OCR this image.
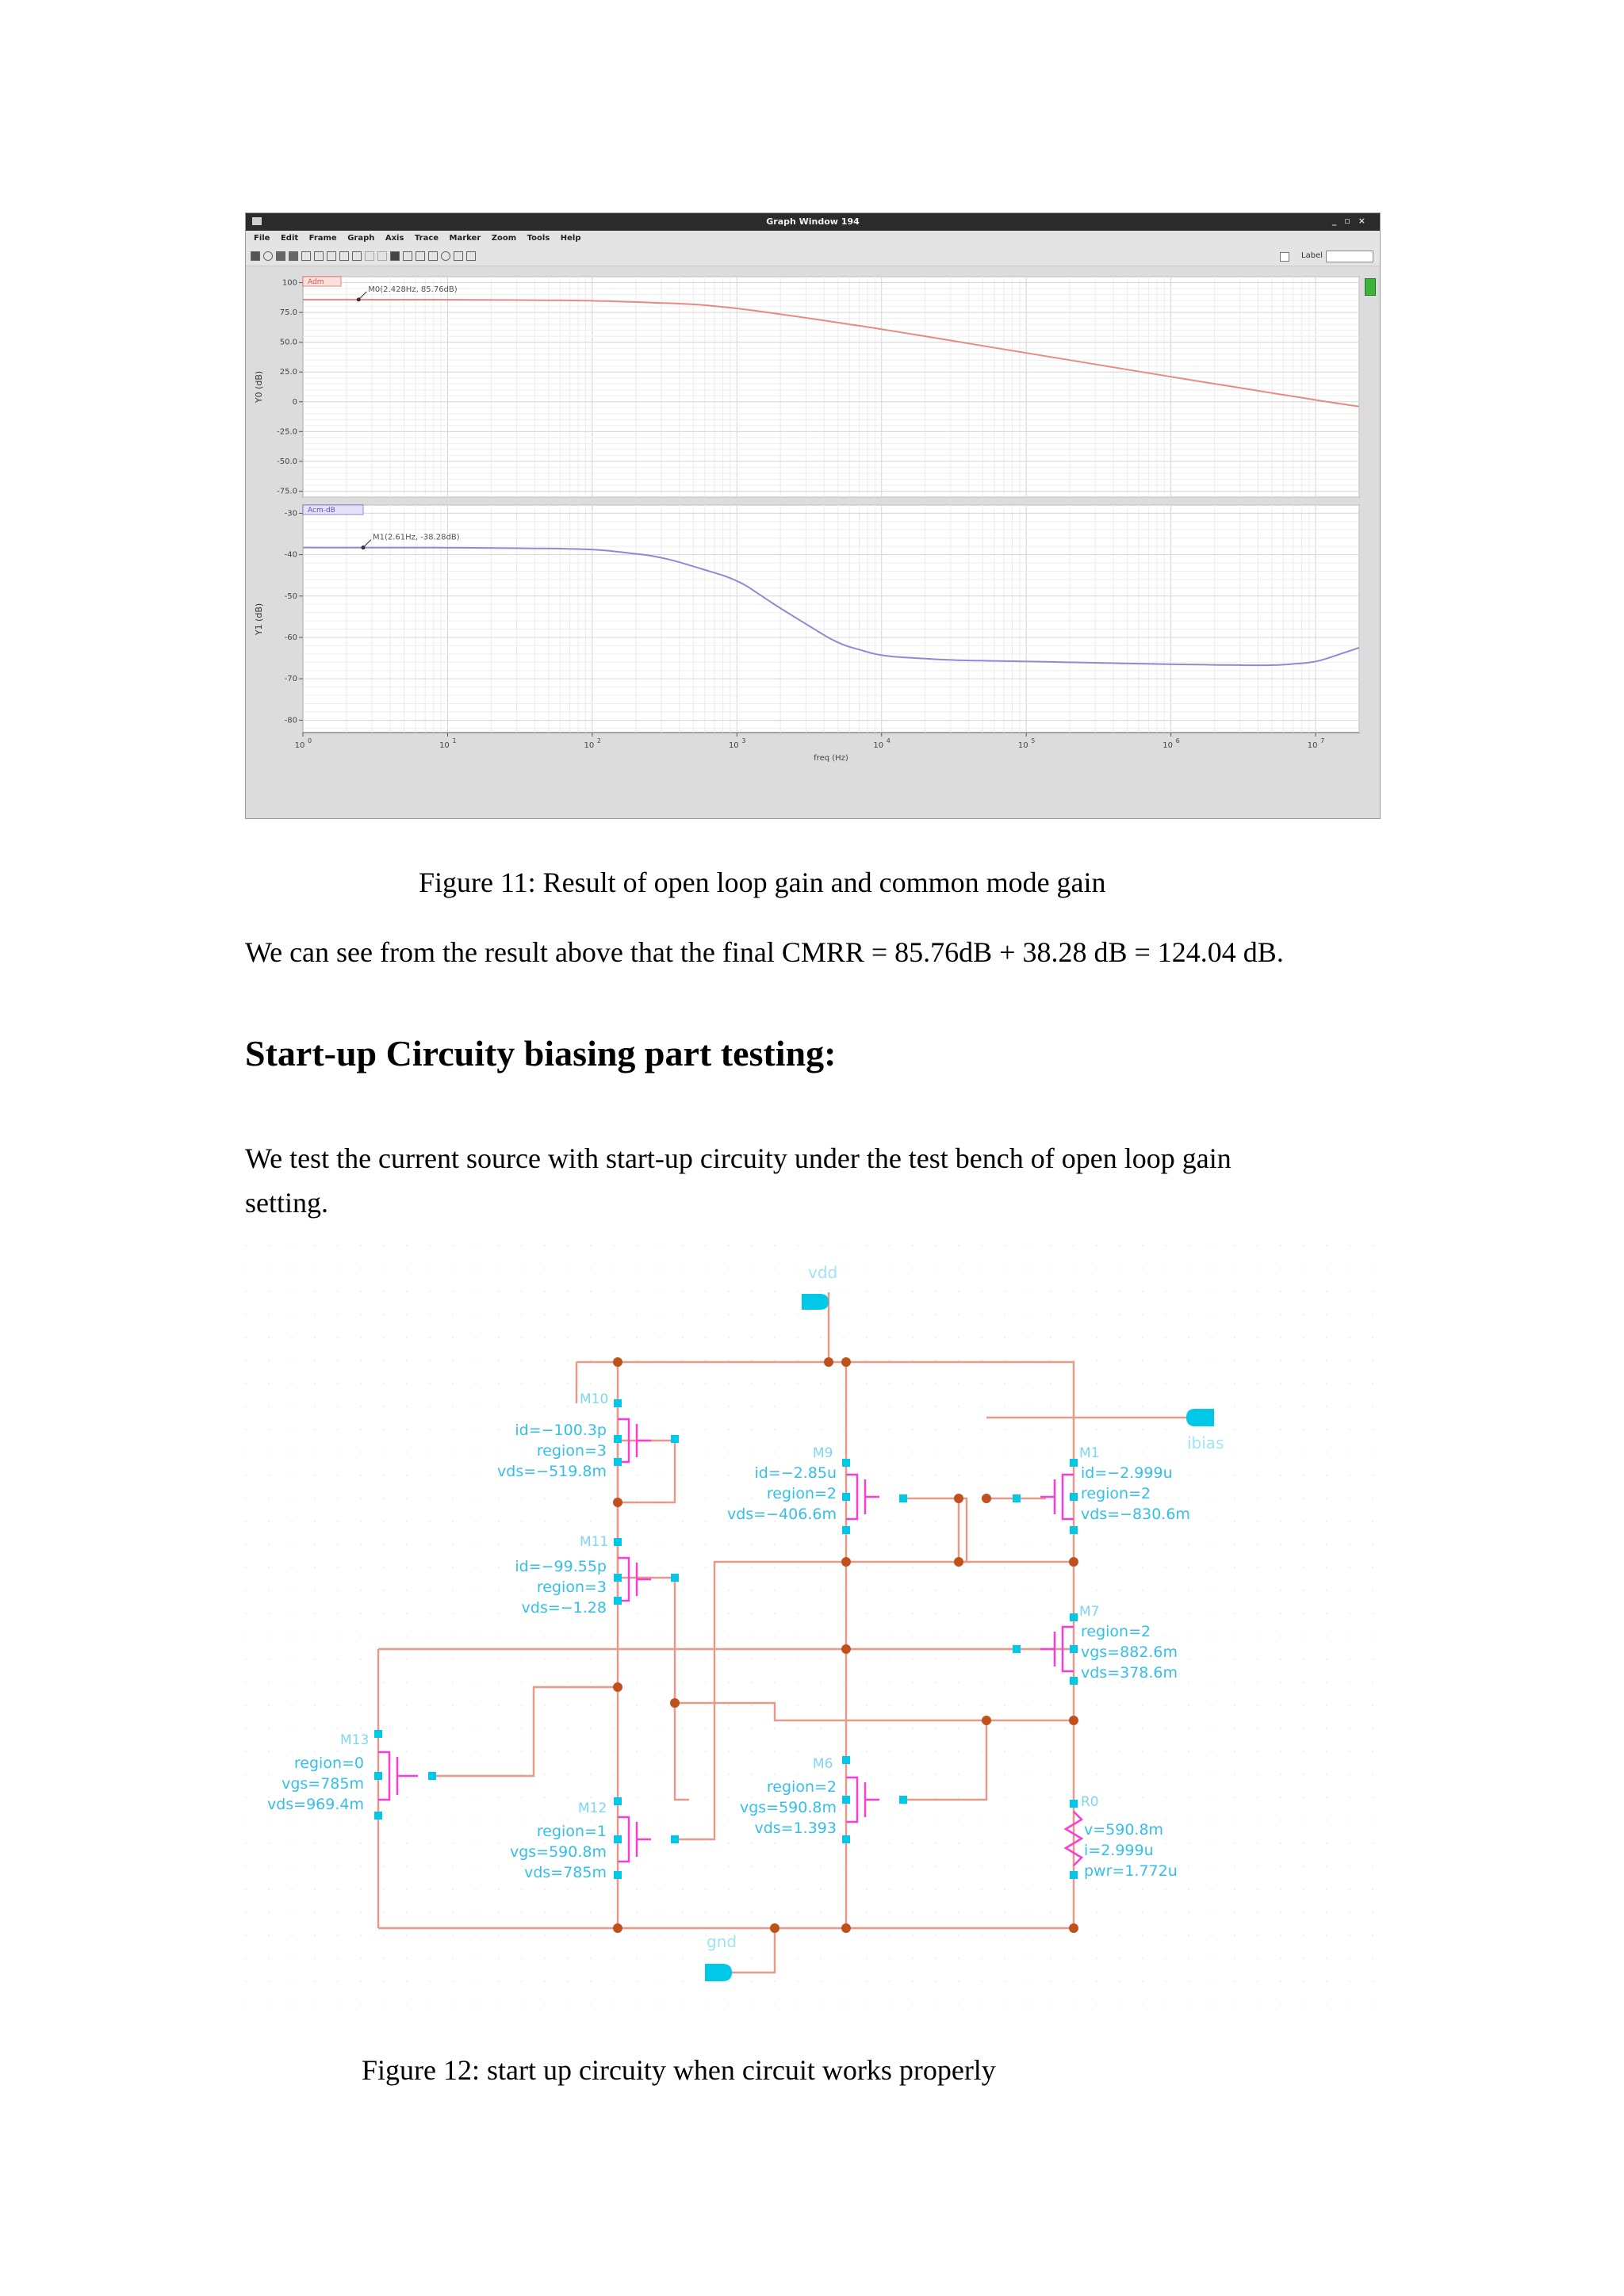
Graph Window 194	_▫×
File Edit Frame Graph Axis Trace Marker Zoom Tools Help
Label
100
75.0
50.0
25.0
0
-25.0
-50.0
-75.0
M0(2.428Hz, 85.76dB)
Adm
Y0 (dB)
-30
-40
-50
-60
-70
-80
M1(2.61Hz, -38.28dB)
Acm-dB
Y1 (dB)
10
0
10
1
10
2
10
3
10
4
10
5
10
6
10
7
freq (Hz)
Figure 11: Result of open loop gain and common mode gain
We can see from the result above that the final CMRR = 85.76dB + 38.28 dB = 124.04 dB.
Start-up Circuity biasing part testing:
We test the current source with start-up circuity under the test bench of open loop gain
setting.
vdd
gnd
ibias
M10
id=−100.3p
region=3
vds=−519.8m
M11
id=−99.55p
region=3
vds=−1.28
M13
region=0
vgs=785m
vds=969.4m	M12
region=1
vgs=590.8m
vds=785m
M9
id=−2.85u
region=2
vds=−406.6m
M6
region=2
vgs=590.8m
vds=1.393
M1
id=−2.999u
region=2
vds=−830.6m
M7
region=2
vgs=882.6m
vds=378.6m
R0
v=590.8m
i=2.999u
pwr=1.772u
Figure 12: start up circuity when circuit works properly
